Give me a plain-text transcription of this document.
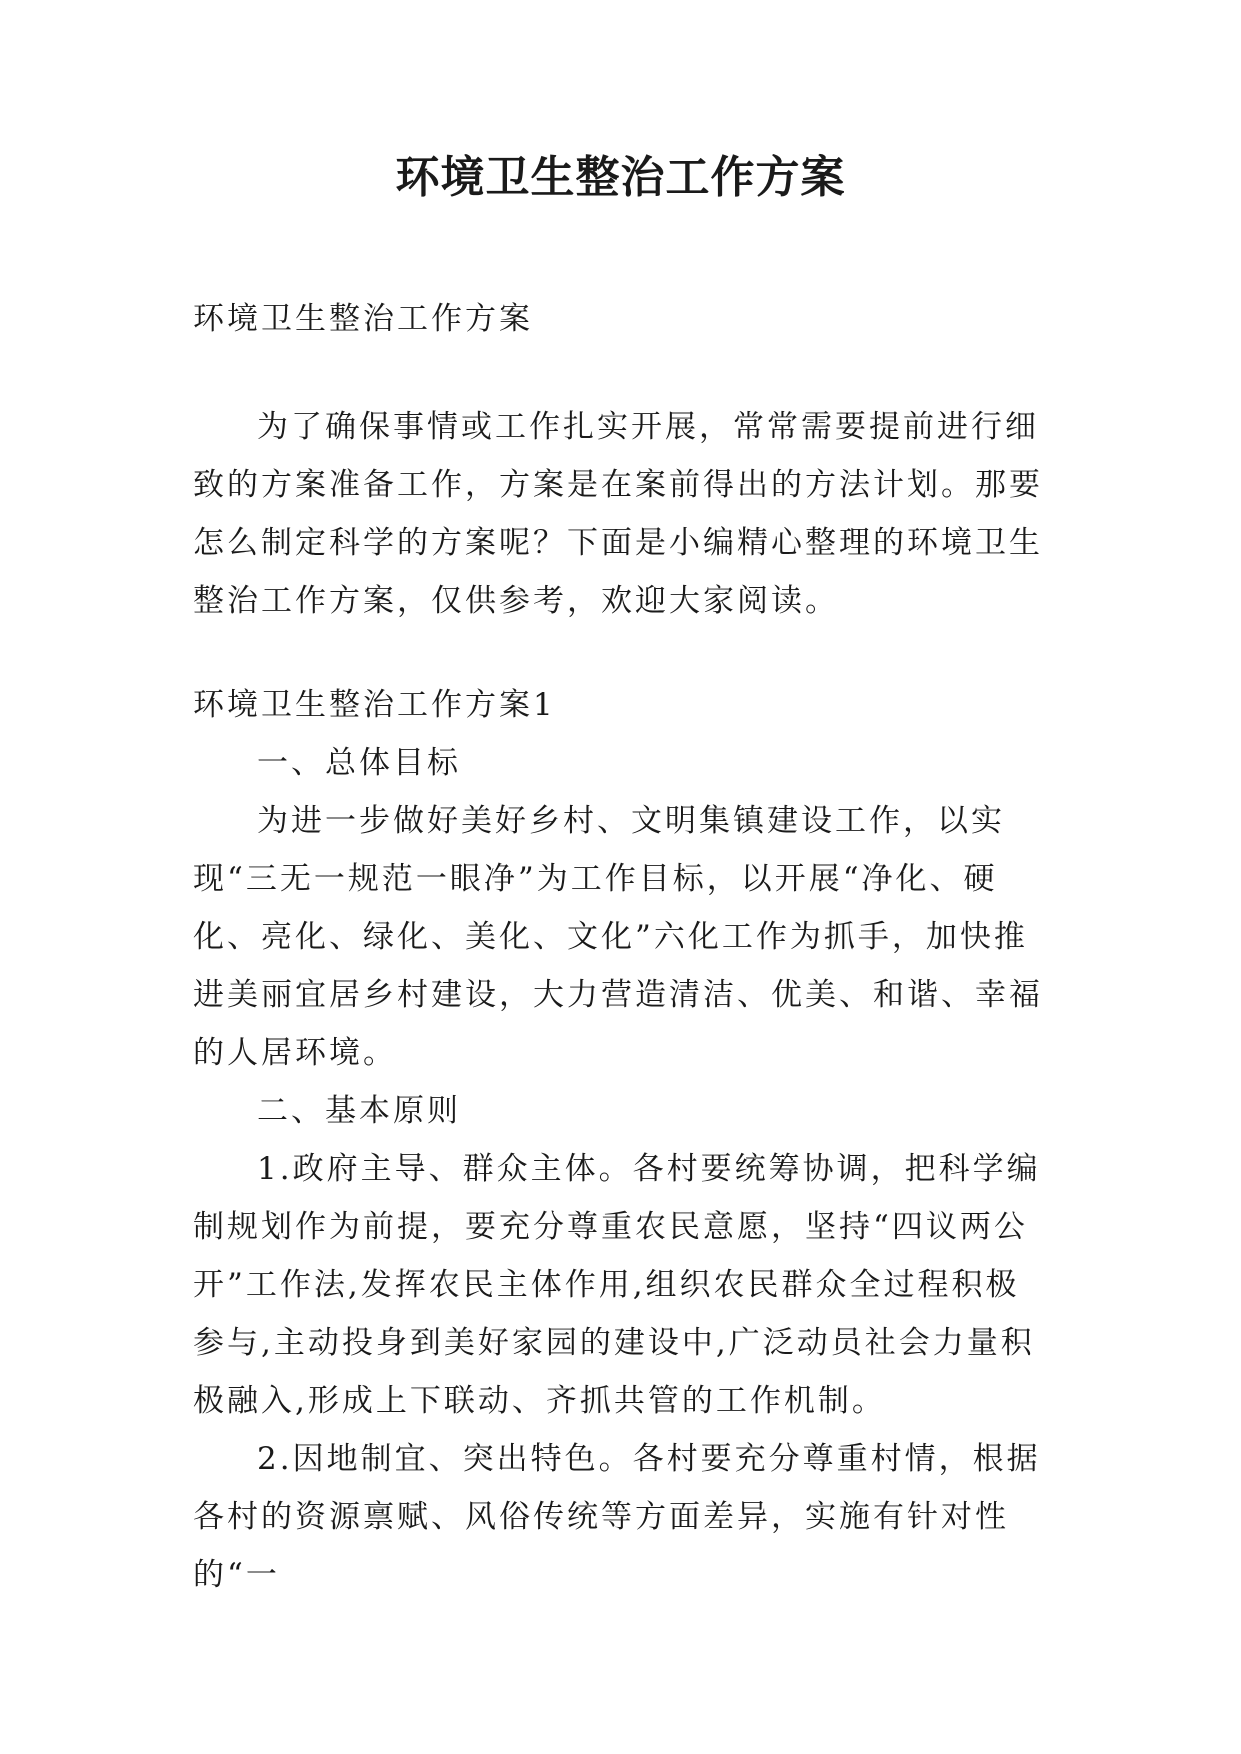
环境卫生整治工作方案

环境卫生整治工作方案

为了确保事情或工作扎实开展，常常需要提前进行细致的方案准备工作，方案是在案前得出的方法计划。那要怎么制定科学的方案呢？下面是小编精心整理的环境卫生整治工作方案，仅供参考，欢迎大家阅读。

环境卫生整治工作方案1

一、总体目标

为进一步做好美好乡村、文明集镇建设工作，以实现“三无一规范一眼净”为工作目标，以开展“净化、硬化、亮化、绿化、美化、文化”六化工作为抓手，加快推进美丽宜居乡村建设，大力营造清洁、优美、和谐、幸福的人居环境。

二、基本原则

1.政府主导、群众主体。各村要统筹协调，把科学编制规划作为前提，要充分尊重农民意愿，坚持“四议两公开”工作法,发挥农民主体作用,组织农民群众全过程积极参与,主动投身到美好家园的建设中,广泛动员社会力量积极融入,形成上下联动、齐抓共管的工作机制。

2.因地制宜、突出特色。各村要充分尊重村情，根据各村的资源禀赋、风俗传统等方面差异，实施有针对性的“一
